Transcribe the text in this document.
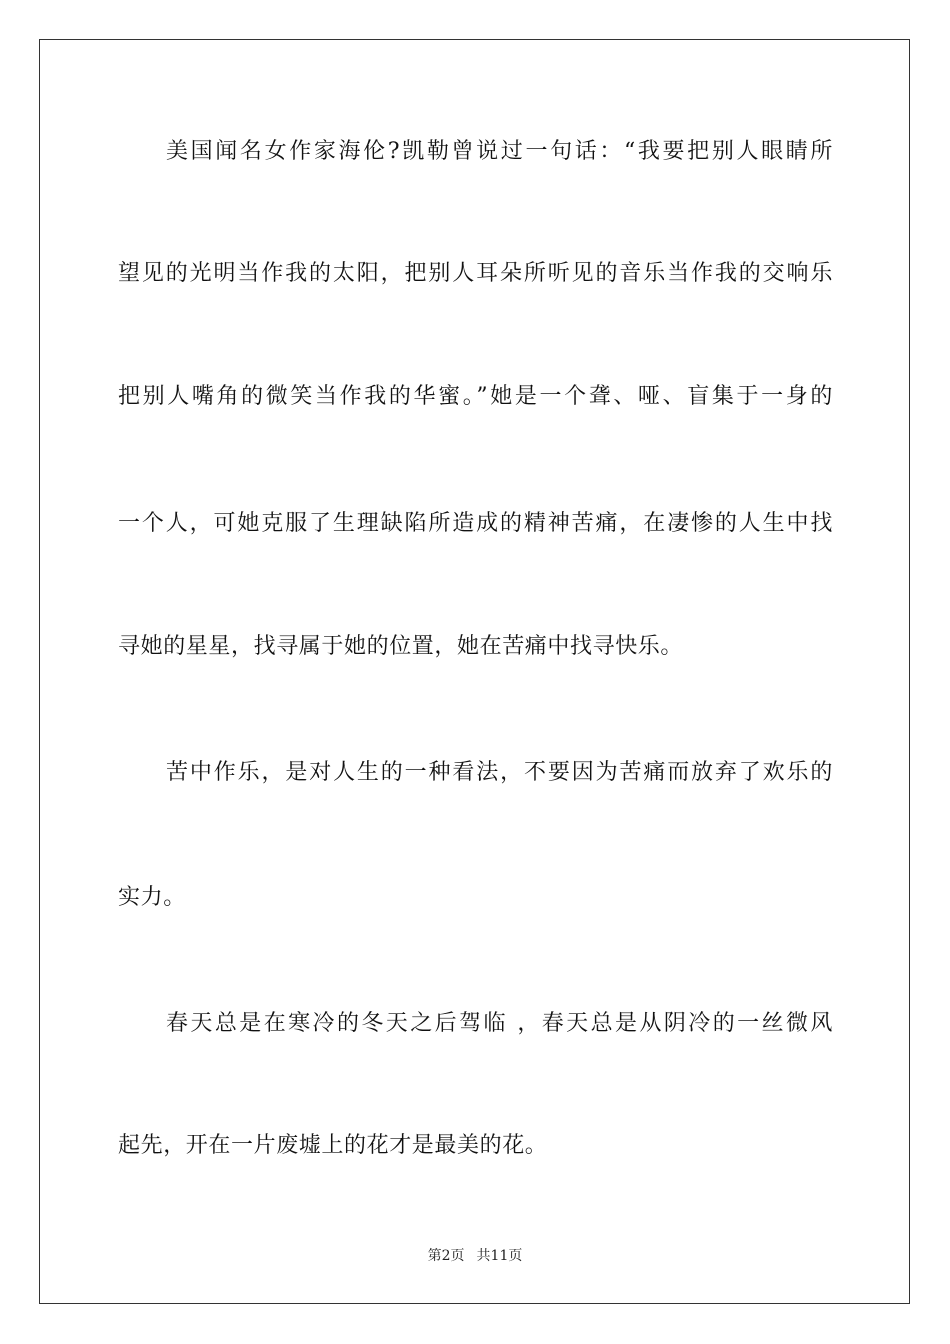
美国闻名女作家海伦?凯勒曾说过一句话：“我要把别人眼睛所
望见的光明当作我的太阳，把别人耳朵所听见的音乐当作我的交响乐
把别人嘴角的微笑当作我的华蜜。”她是一个聋、哑、盲集于一身的
一个人，可她克服了生理缺陷所造成的精神苦痛，在凄惨的人生中找
寻她的星星，找寻属于她的位置，她在苦痛中找寻快乐。
苦中作乐，是对人生的一种看法，不要因为苦痛而放弃了欢乐的
实力。
春天总是在寒冷的冬天之后驾临 ，春天总是从阴冷的一丝微风
起先，开在一片废墟上的花才是最美的花。
第2页 共11页
